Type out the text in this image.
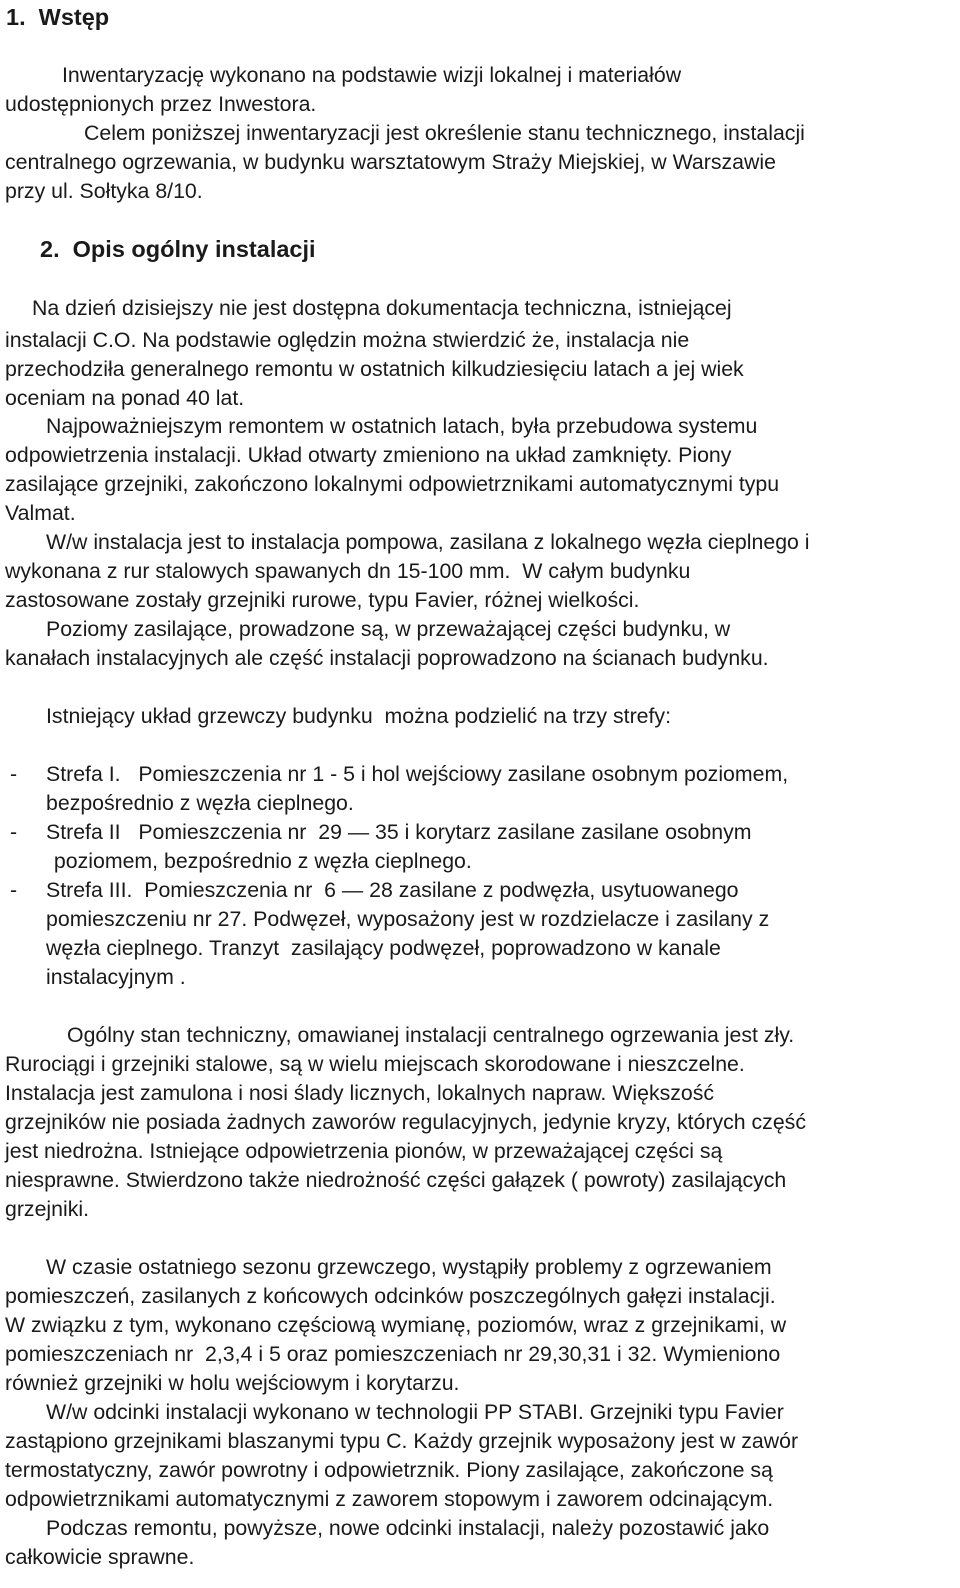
1.  Wstęp
Inwentaryzację wykonano na podstawie wizji lokalnej i materiałów
udostępnionych przez Inwestora.
Celem poniższej inwentaryzacji jest określenie stanu technicznego, instalacji
centralnego ogrzewania, w budynku warsztatowym Straży Miejskiej, w Warszawie
przy ul. Sołtyka 8/10.
2.  Opis ogólny instalacji
Na dzień dzisiejszy nie jest dostępna dokumentacja techniczna, istniejącej
instalacji C.O. Na podstawie oględzin można stwierdzić że, instalacja nie
przechodziła generalnego remontu w ostatnich kilkudziesięciu latach a jej wiek
oceniam na ponad 40 lat.
Najpoważniejszym remontem w ostatnich latach, była przebudowa systemu
odpowietrzenia instalacji. Układ otwarty zmieniono na układ zamknięty. Piony
zasilające grzejniki, zakończono lokalnymi odpowietrznikami automatycznymi typu
Valmat.
W/w instalacja jest to instalacja pompowa, zasilana z lokalnego węzła cieplnego i
wykonana z rur stalowych spawanych dn 15-100 mm.  W całym budynku
zastosowane zostały grzejniki rurowe, typu Favier, różnej wielkości.
Poziomy zasilające, prowadzone są, w przeważającej części budynku, w
kanałach instalacyjnych ale część instalacji poprowadzono na ścianach budynku.
Istniejący układ grzewczy budynku  można podzielić na trzy strefy:
- Strefa I.   Pomieszczenia nr 1 - 5 i hol wejściowy zasilane osobnym poziomem,
bezpośrednio z węzła cieplnego.
- Strefa II   Pomieszczenia nr  29 — 35 i korytarz zasilane zasilane osobnym
poziomem, bezpośrednio z węzła cieplnego.
- Strefa III.  Pomieszczenia nr  6 — 28 zasilane z podwęzła, usytuowanego
pomieszczeniu nr 27. Podwęzeł, wyposażony jest w rozdzielacze i zasilany z
węzła cieplnego. Tranzyt  zasilający podwęzeł, poprowadzono w kanale
instalacyjnym .
Ogólny stan techniczny, omawianej instalacji centralnego ogrzewania jest zły.
Rurociągi i grzejniki stalowe, są w wielu miejscach skorodowane i nieszczelne.
Instalacja jest zamulona i nosi ślady licznych, lokalnych napraw. Większość
grzejników nie posiada żadnych zaworów regulacyjnych, jedynie kryzy, których część
jest niedrożna. Istniejące odpowietrzenia pionów, w przeważającej części są
niesprawne. Stwierdzono także niedrożność części gałązek ( powroty) zasilających
grzejniki.
W czasie ostatniego sezonu grzewczego, wystąpiły problemy z ogrzewaniem
pomieszczeń, zasilanych z końcowych odcinków poszczególnych gałęzi instalacji.
W związku z tym, wykonano częściową wymianę, poziomów, wraz z grzejnikami, w
pomieszczeniach nr  2,3,4 i 5 oraz pomieszczeniach nr 29,30,31 i 32. Wymieniono
również grzejniki w holu wejściowym i korytarzu.
W/w odcinki instalacji wykonano w technologii PP STABI. Grzejniki typu Favier
zastąpiono grzejnikami blaszanymi typu C. Każdy grzejnik wyposażony jest w zawór
termostatyczny, zawór powrotny i odpowietrznik. Piony zasilające, zakończone są
odpowietrznikami automatycznymi z zaworem stopowym i zaworem odcinającym.
Podczas remontu, powyższe, nowe odcinki instalacji, należy pozostawić jako
całkowicie sprawne.
